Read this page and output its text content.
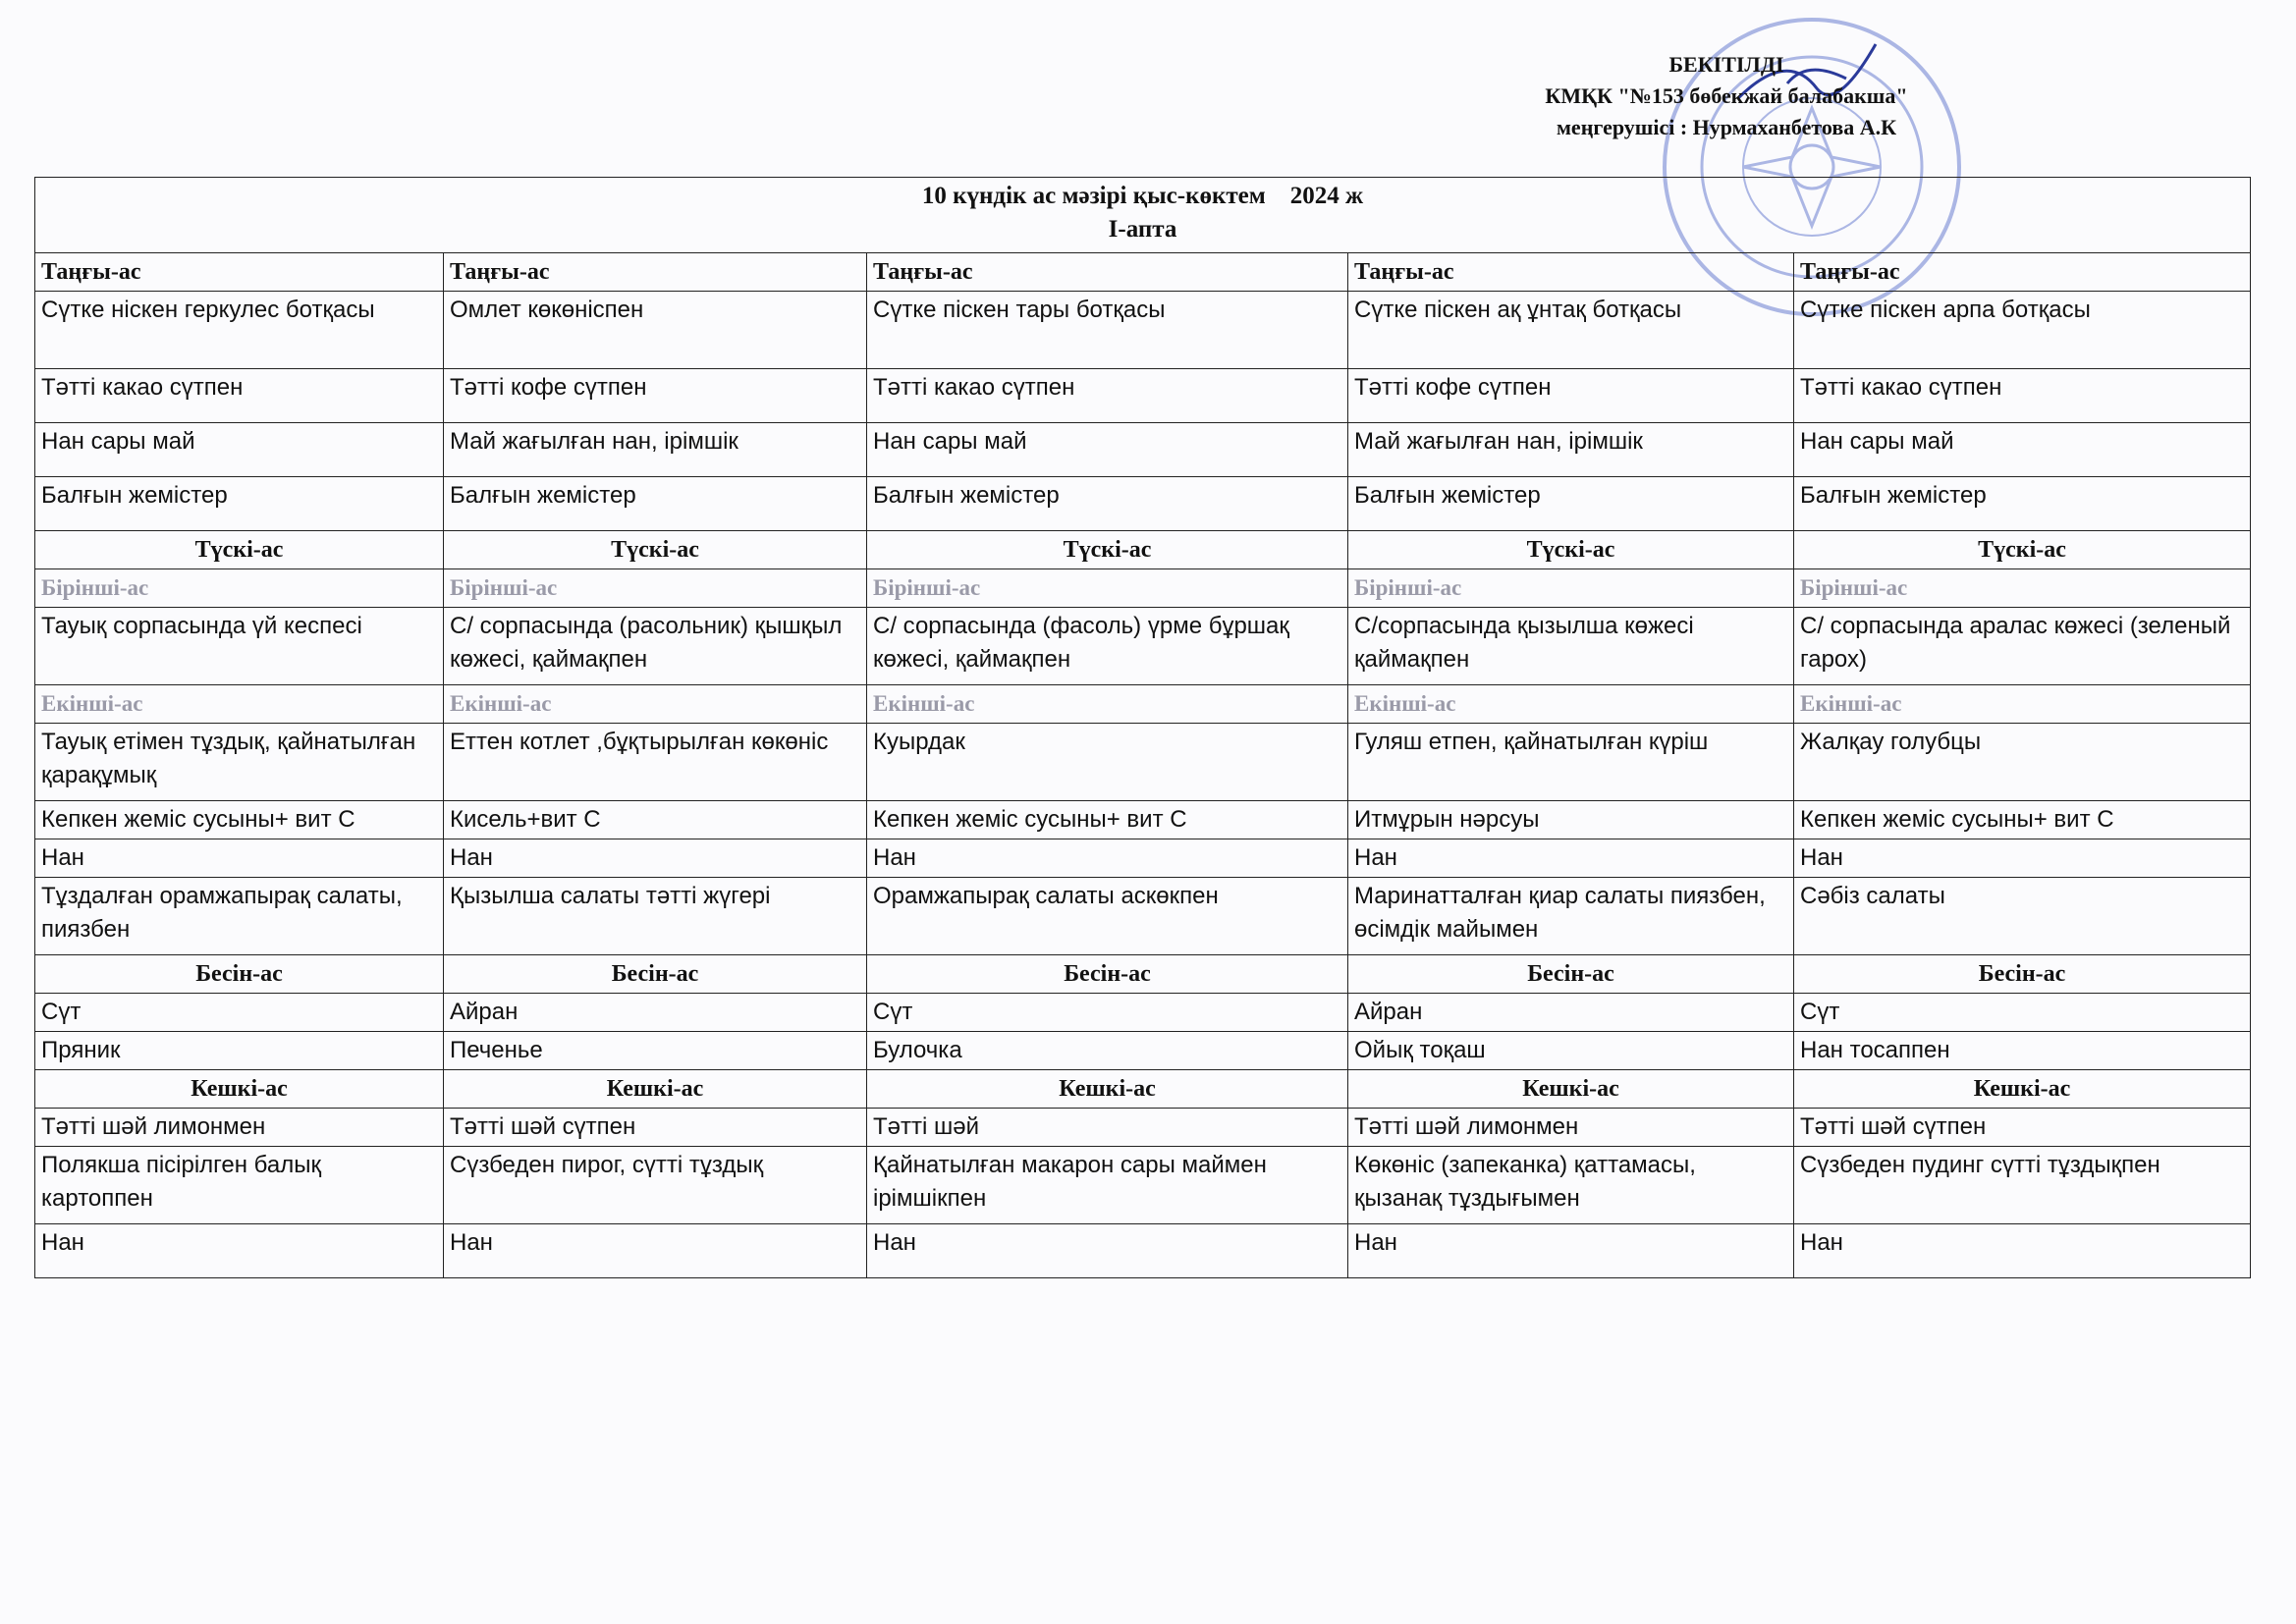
БЕКІТІЛДІ
КМҚК "№153 бөбекжай балабакша"
меңгерушісі : Нурмаханбетова А.К
10 күндік ас мәзірі қыс-көктем    2024 ж
I-апта				

Таңғы-ас	Таңғы-ас	Таңғы-ас	Таңғы-ас	Таңғы-ас
Сүтке ніскен геркулес ботқасы	Омлет көкөніспен	Сүтке піскен тары ботқасы	Сүтке піскен ақ ұнтақ ботқасы	Сүтке піскен арпа ботқасы
Тәтті какао сүтпен	Тәтті кофе сүтпен	Тәтті какао сүтпен	Тәтті кофе сүтпен	Тәтті какао сүтпен
Нан сары май	Май жағылған нан, ірімшік	Нан сары май	Май жағылған нан, ірімшік	Нан сары май
Балғын жемістер	Балғын жемістер	Балғын жемістер	Балғын жемістер	Балғын жемістер
Түскі-ас	Түскі-ас	Түскі-ас	Түскі-ас	Түскі-ас
Бірінші-ас	Бірінші-ас	Бірінші-ас	Бірінші-ас	Бірінші-ас
Тауық сорпасында үй кеспесі	С/ сорпасында (расольник) қышқыл көжесі, қаймақпен	С/ сорпасында (фасоль) үрме бұршақ көжесі, қаймақпен	С/сорпасында қызылша көжесі қаймақпен	С/ сорпасында аралас көжесі (зеленый гарох)
Екінші-ас	Екінші-ас	Екінші-ас	Екінші-ас	Екінші-ас
Тауық етімен тұздық, қайнатылған қарақұмық	Еттен котлет ,бұқтырылған көкөніс	Куырдак	Гуляш етпен, қайнатылған күріш	Жалқау голубцы
Кепкен жеміс сусыны+ вит С	Кисель+вит С	Кепкен жеміс сусыны+ вит С	Итмұрын нәрсуы	Кепкен жеміс сусыны+ вит С
Нан	Нан	Нан	Нан	Нан
Тұздалған орамжапырақ салаты, пиязбен	Қызылша салаты тәтті жүгері	Орамжапырақ салаты аскөкпен	Маринатталған қиар салаты пиязбен, өсімдік майымен	Сәбіз салаты
Бесін-ас	Бесін-ас	Бесін-ас	Бесін-ас	Бесін-ас
Сүт	Айран	Сүт	Айран	Сүт
Пряник	Печенье	Булочка	Ойық тоқаш	Нан тосаппен
Кешкі-ас	Кешкі-ас	Кешкі-ас	Кешкі-ас	Кешкі-ас
Тәтті шәй лимонмен	Тәтті шәй сүтпен	Тәтті шәй	Тәтті шәй лимонмен	Тәтті шәй сүтпен
Полякша пісірілген балық картоппен	Сүзбеден пирог, сүтті тұздық	Қайнатылған макарон сары маймен ірімшікпен	Көкөніс (запеканка) қаттамасы, қызанақ тұздығымен	Сүзбеден пудинг сүтті тұздықпен
Нан	Нан	Нан	Нан	Нан
